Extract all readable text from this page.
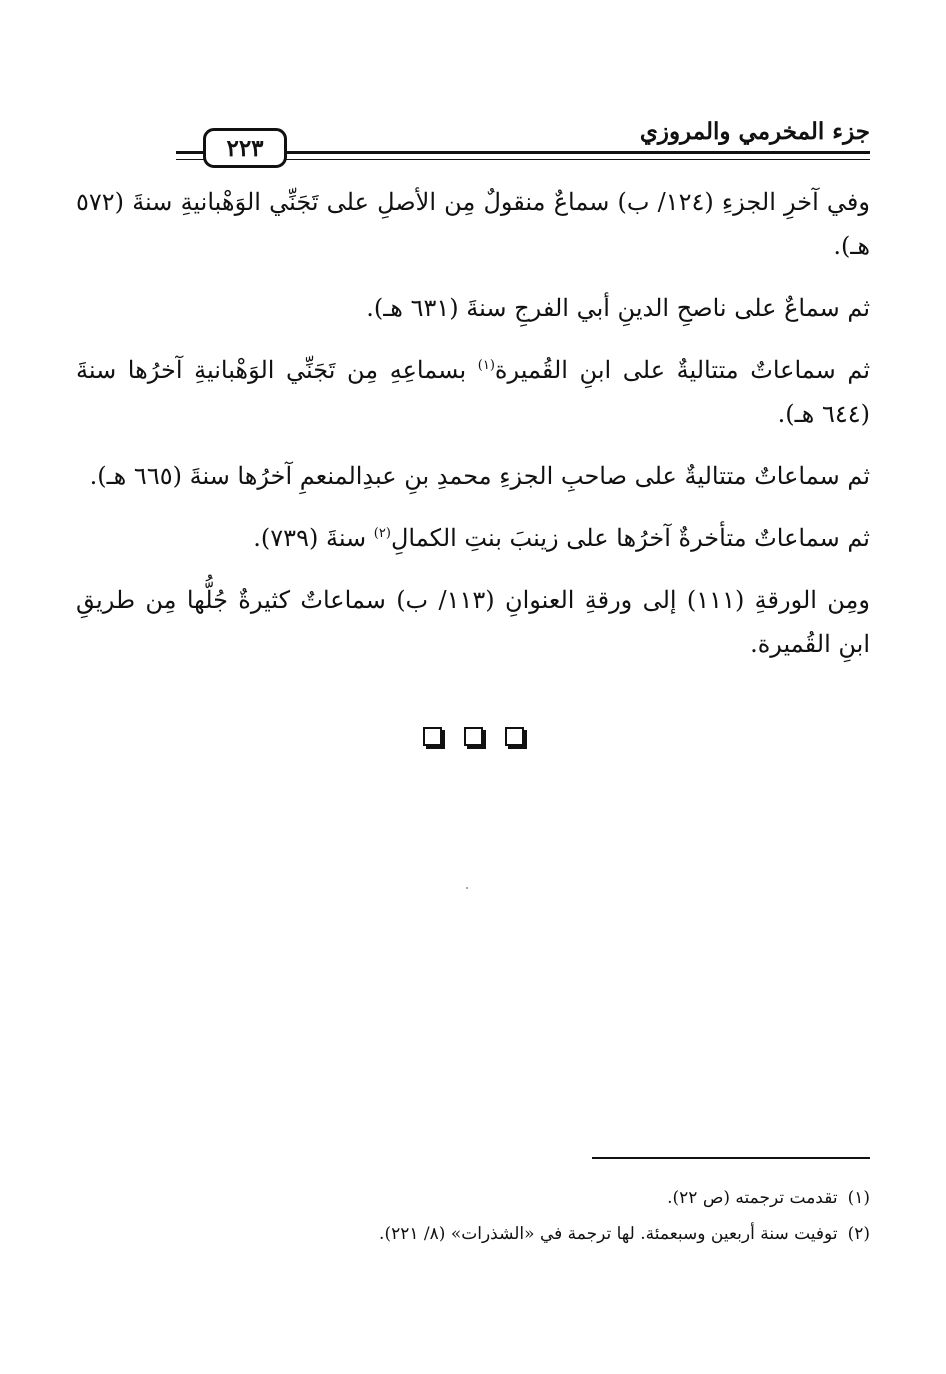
جزء المخرمي والمروزي
٢٢٣

وفي آخرِ الجزءِ (١٢٤/ ب) سماعٌ منقولٌ مِن الأصلِ على تَجَنِّي الوَهْبانيةِ سنةَ (٥٧٢ هـ).

ثم سماعٌ على ناصحِ الدينِ أبي الفرجِ سنةَ (٦٣١ هـ).

ثم سماعاتٌ متتاليةٌ على ابنِ القُميرة$^{(١)}$ بسماعِهِ مِن تَجَنِّي الوَهْبانيةِ آخرُها سنةَ (٦٤٤ هـ).

ثم سماعاتٌ متتاليةٌ على صاحبِ الجزءِ محمدِ بنِ عبدِالمنعمِ آخرُها سنةَ (٦٦٥ هـ).

ثم سماعاتٌ متأخرةٌ آخرُها على زينبَ بنتِ الكمالِ$^{(٢)}$ سنةَ (٧٣٩).

ومِن الورقةِ (١١١) إلى ورقةِ العنوانِ (١١٣/ ب) سماعاتٌ كثيرةٌ جُلُّها مِن طريقِ ابنِ القُميرة.

(١)
تقدمت ترجمته (ص ٢٢).
(٢)
توفيت سنة أربعين وسبعمئة. لها ترجمة في «الشذرات» (٨/ ٢٢١).
